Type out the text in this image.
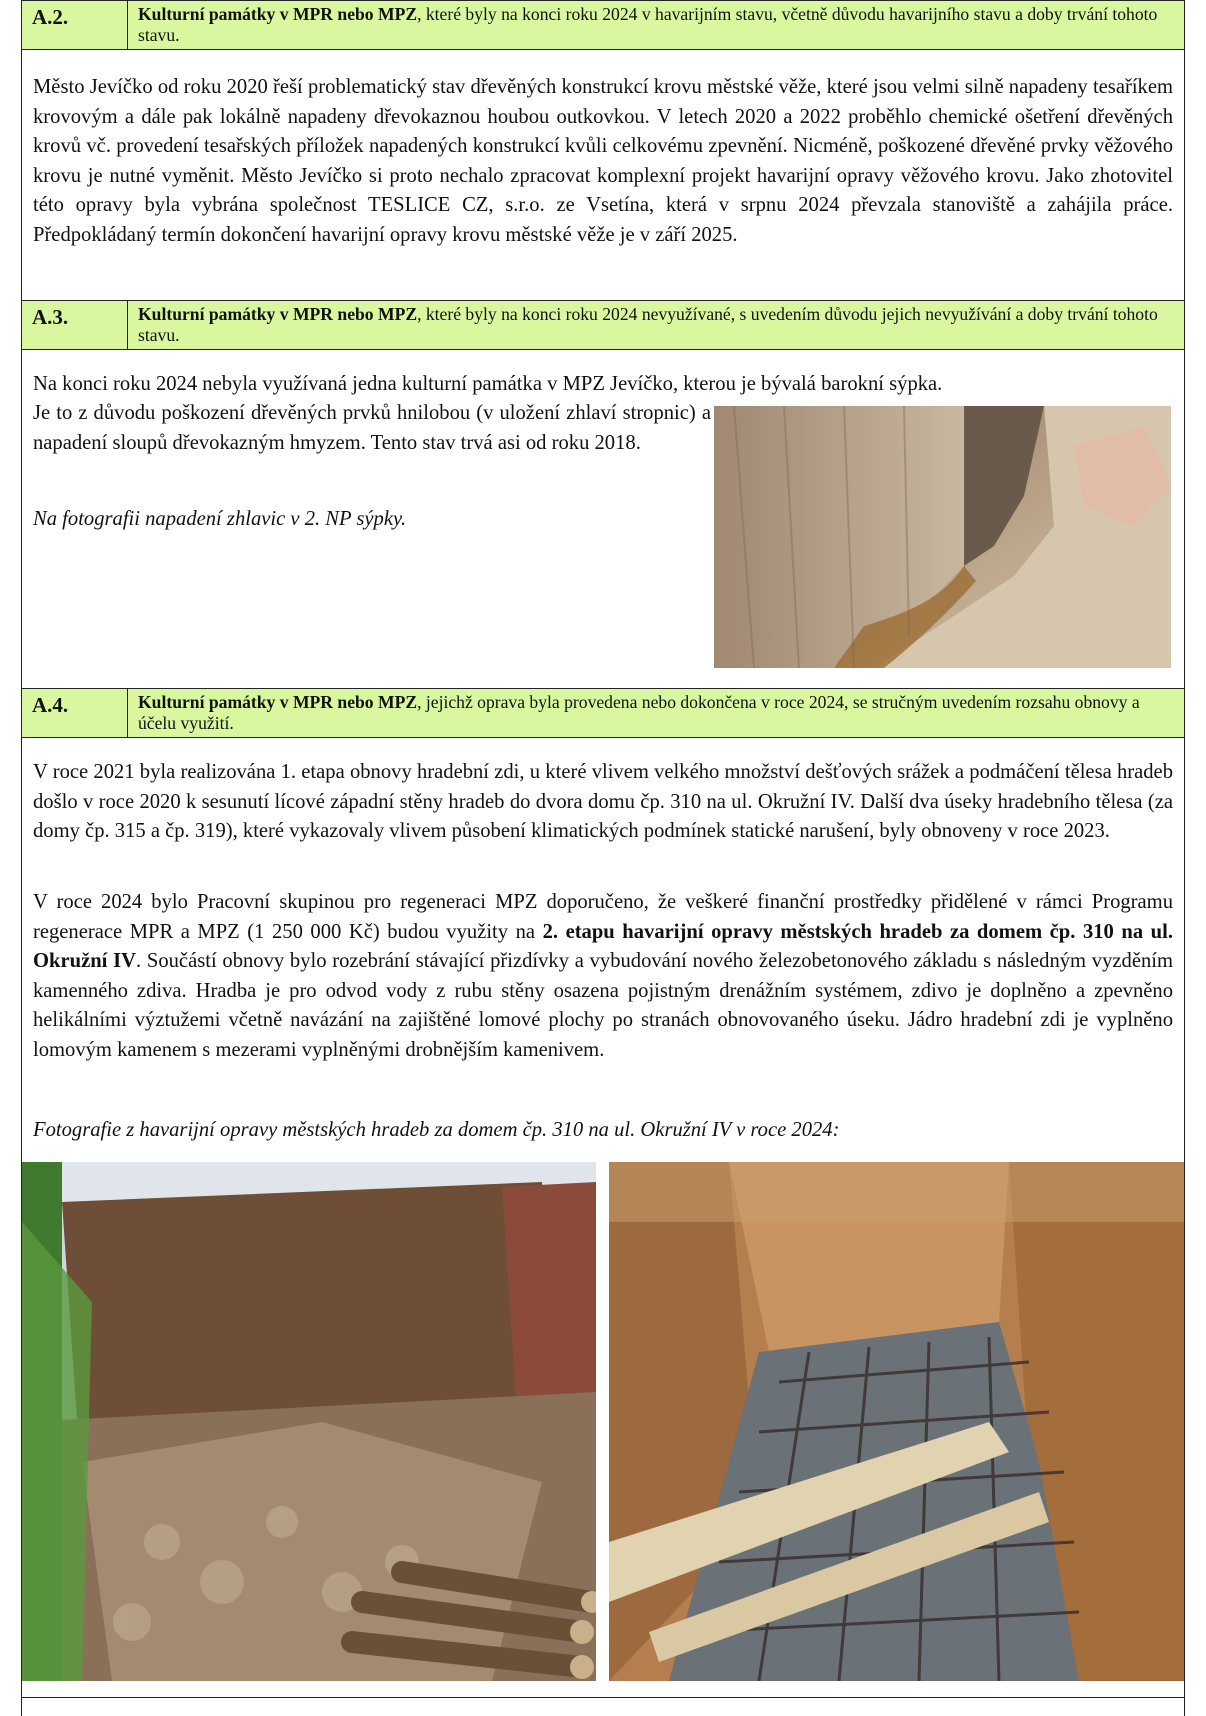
A.2.	Kulturní památky v MPR nebo MPZ, které byly na konci roku 2024 v havarijním stavu, včetně důvodu havarijního stavu a doby trvání tohoto stavu.

Město Jevíčko od roku 2020 řeší problematický stav dřevěných konstrukcí krovu městské věže, které jsou velmi silně napadeny tesaříkem krovovým a dále pak lokálně napadeny dřevokaznou houbou outkovkou. V letech 2020 a 2022 proběhlo chemické ošetření dřevěných krovů vč. provedení tesařských příložek napadených konstrukcí kvůli celkovému zpevnění. Nicméně, poškozené dřevěné prvky věžového krovu je nutné vyměnit. Město Jevíčko si proto nechalo zpracovat komplexní projekt havarijní opravy věžového krovu. Jako zhotovitel této opravy byla vybrána společnost TESLICE CZ, s.r.o. ze Vsetína, která v srpnu 2024 převzala stanoviště a zahájila práce. Předpokládaný termín dokončení havarijní opravy krovu městské věže je v září 2025.

A.3.	Kulturní památky v MPR nebo MPZ, které byly na konci roku 2024 nevyužívané, s uvedením důvodu jejich nevyužívání a doby trvání tohoto stavu.

Na konci roku 2024 nebyla využívaná jedna kulturní památka v MPZ Jevíčko, kterou je bývalá barokní sýpka.

Je to z důvodu poškození dřevěných prvků hnilobou (v uložení zhlaví stropnic) a napadení sloupů dřevokazným hmyzem. Tento stav trvá asi od roku 2018.

Na fotografii napadení zhlavic v 2. NP sýpky.

A.4.	Kulturní památky v MPR nebo MPZ, jejichž oprava byla provedena nebo dokončena v roce 2024, se stručným uvedením rozsahu obnovy a účelu využití.

V roce 2021 byla realizována 1. etapa obnovy hradební zdi, u které vlivem velkého množství dešťových srážek a podmáčení tělesa hradeb došlo v roce 2020 k sesunutí lícové západní stěny hradeb do dvora domu čp. 310 na ul. Okružní IV. Další dva úseky hradebního tělesa (za domy čp. 315 a čp. 319), které vykazovaly vlivem působení klimatických podmínek statické narušení, byly obnoveny v roce 2023.

V roce 2024 bylo Pracovní skupinou pro regeneraci MPZ doporučeno, že veškeré finanční prostředky přidělené v rámci Programu regenerace MPR a MPZ (1 250 000 Kč) budou využity na 2. etapu havarijní opravy městských hradeb za domem čp. 310 na ul. Okružní IV. Součástí obnovy bylo rozebrání stávající přizdívky a vybudování nového železobetonového základu s následným vyzděním kamenného zdiva. Hradba je pro odvod vody z rubu stěny osazena pojistným drenážním systémem, zdivo je doplněno a zpevněno helikálními výztužemi včetně navázání na zajištěné lomové plochy po stranách obnovovaného úseku. Jádro hradební zdi je vyplněno lomovým kamenem s mezerami vyplněnými drobnějším kamenivem.

Fotografie z havarijní opravy městských hradeb za domem čp. 310 na ul. Okružní IV v roce 2024:
